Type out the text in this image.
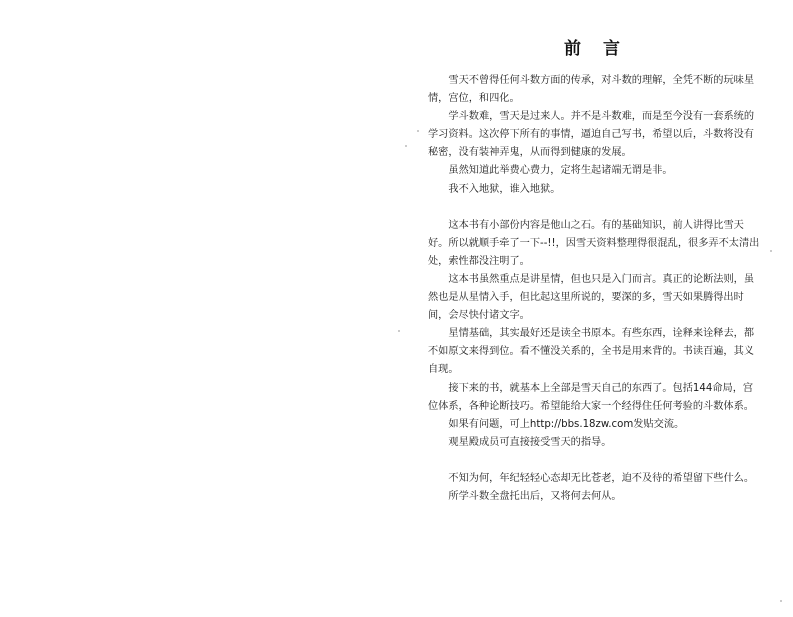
前 言

雪天不曾得任何斗数方面的传承，对斗数的理解，全凭不断的玩味星情，宫位，和四化。

学斗数难，雪天是过来人。并不是斗数难，而是至今没有一套系统的学习资料。这次停下所有的事情，逼迫自己写书，希望以后，斗数将没有秘密，没有装神弄鬼，从而得到健康的发展。

虽然知道此举费心费力，定将生起诸端无谓是非。

我不入地狱，谁入地狱。

这本书有小部份内容是他山之石。有的基础知识，前人讲得比雪天好。所以就顺手牵了一下--!!，因雪天资料整理得很混乱，很多弄不太清出处，索性都没注明了。

这本书虽然重点是讲星情，但也只是入门而言。真正的论断法则，虽然也是从星情入手，但比起这里所说的，要深的多，雪天如果腾得出时间，会尽快付诸文字。

星情基础，其实最好还是读全书原本。有些东西，诠释来诠释去，都不如原文来得到位。看不懂没关系的，全书是用来背的。书读百遍，其义自现。

接下来的书，就基本上全部是雪天自己的东西了。包括144命局，宫位体系，各种论断技巧。希望能给大家一个经得住任何考验的斗数体系。

如果有问题，可上http://bbs.18zw.com发贴交流。

观星殿成员可直接接受雪天的指导。

不知为何，年纪轻轻心态却无比苍老，迫不及待的希望留下些什么。

所学斗数全盘托出后，又将何去何从。
